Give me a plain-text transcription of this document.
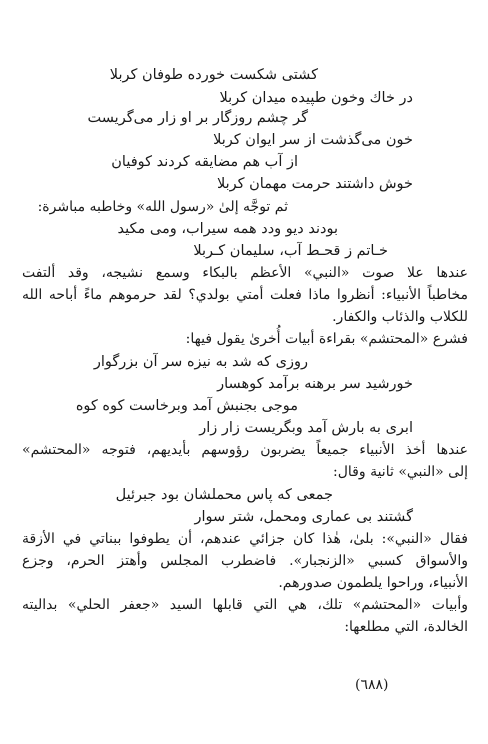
كشتى شكست خورده طوفان كربلا
در خاك وخون طپيده ميدان كربلا
گر چشم روزگار بر او زار مى‌گريست
خون مى‌گذشت از سر ايوان كربلا
از آب هم مضايقه كردند كوفيان
خوش داشتند حرمت مهمان كربلا
ثم توجَّه إلىٰ «رسول الله» وخاطبه مباشرة:
بودند ديو ودد همه سيراب، ومى مكيد
خـاتم ز قحـط آب، سليمان كـربلا
عندها علا صوت «النبي» الأعظم بالبكاء وسمع نشيجه، وقد ألتفت
مخاطباً الأنبياء: أنظروا ماذا فعلت أمتي بولدي؟ لقد حرموهم ماءً أباحه الله
للكلاب والذئاب والكفار.
فشرع «المحتشم» بقراءة أبيات أُخرىٰ يقول فيها:
روزى كه شد به نيزه سر آن بزرگوار
خورشيد سر برهنه برآمد كوهسار
موجى بجنبش آمد وبرخاست كوه كوه
ابرى به بارش آمد وبگريست زار زار
عندها أخذ الأنبياء جميعاً يضربون رؤوسهم بأيديهم، فتوجه «المحتشم»
إلى «النبي» ثانية وقال:
جمعى كه پاس محملشان بود جبرئيل
گشتند بى عمارى ومحمل، شتر سوار
فقال «النبي»: بلىٰ، هٰذا كان جزائي عندهم، أن يطوفوا ببناتي في الأزقة
والأسواق كسبي «الزنجبار». فاضطرب المجلس وأهتز الحرم، وجزع
الأنبياء، وراحوا يلطمون صدورهم.
وأبيات «المحتشم» تلك، هي التي قابلها السيد «جعفر الحلي» بداليته
الخالدة، التي مطلعها:
(٦٨٨)
